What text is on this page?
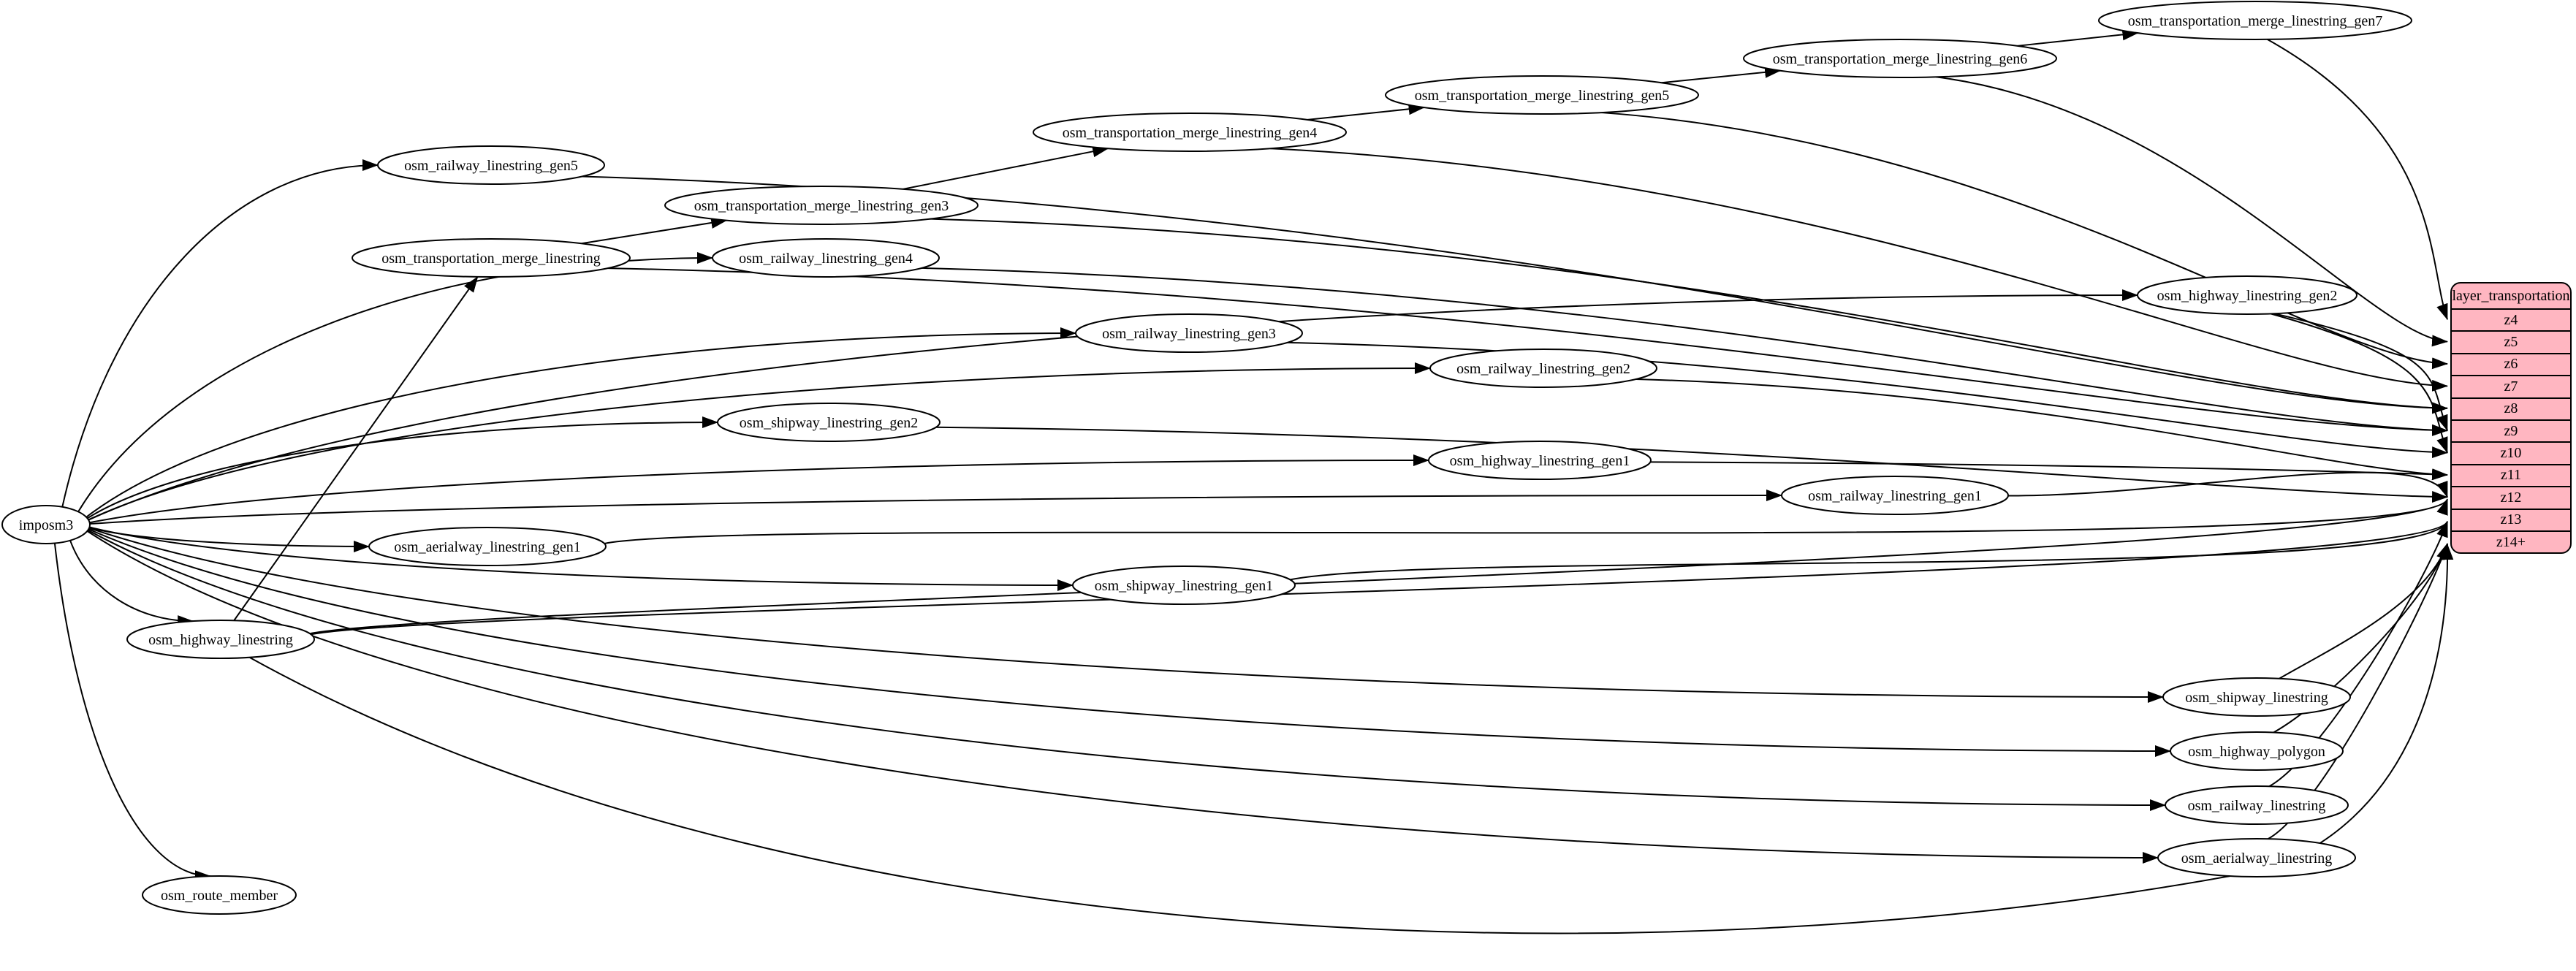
imposm3
osm_railway_linestring_gen5
osm_transportation_merge_linestring_gen3
osm_transportation_merge_linestring	osm_railway_linestring_gen4
osm_transportation_merge_linestring_gen4
osm_transportation_merge_linestring_gen5
osm_transportation_merge_linestring_gen6
osm_transportation_merge_linestring_gen7
osm_highway_linestring_gen2
osm_railway_linestring_gen3
osm_railway_linestring_gen2
osm_shipway_linestring_gen2
osm_highway_linestring_gen1
osm_railway_linestring_gen1
osm_aerialway_linestring_gen1
osm_shipway_linestring_gen1
osm_highway_linestring
osm_shipway_linestring
osm_highway_polygon
osm_railway_linestring
osm_aerialway_linestring
osm_route_member
layer_transportation
z4
z5
z6
z7
z8
z9
z10
z11
z12
z13
z14+
